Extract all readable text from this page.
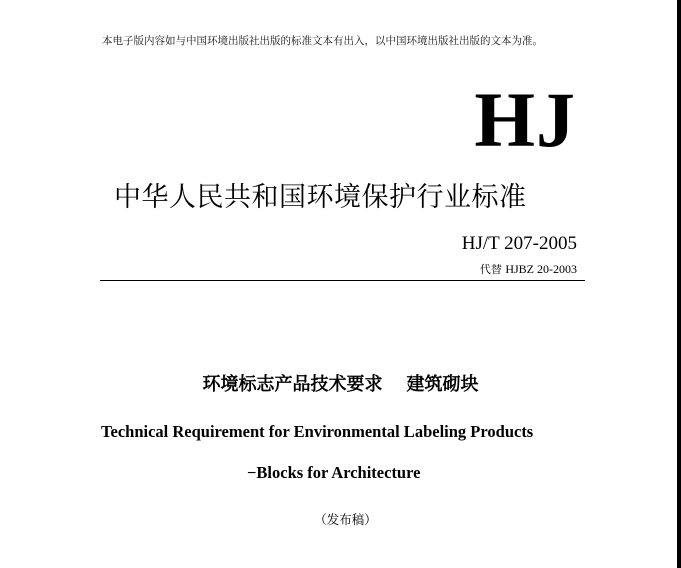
本电子版内容如与中国环境出版社出版的标准文本有出入，以中国环境出版社出版的文本为准。
HJ
中华人民共和国环境保护行业标准
HJ/T 207-2005
代替 HJBZ 20-2003
环境标志产品技术要求 建筑砌块
Technical Requirement for Environmental Labeling Products
−Blocks for Architecture
（发布稿）
